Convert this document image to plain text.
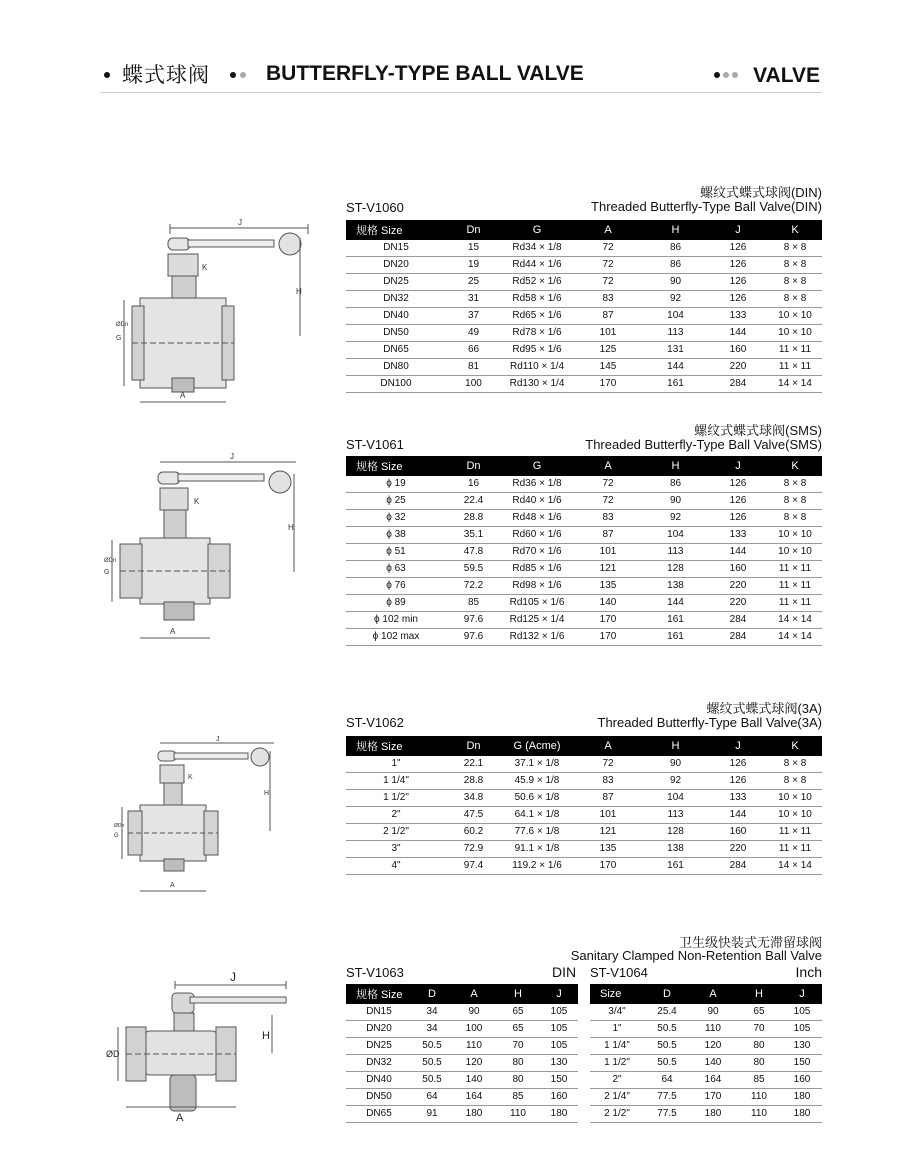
蝶式球阀	BUTTERFLY-TYPE BALL VALVE	VALVE
螺纹式蝶式球阀(DIN)
Threaded Butterfly-Type Ball Valve(DIN)
ST-V1060
规格 Size	Dn	G	A	H	J	K
DN15	15	Rd34 × 1/8	72	86	126	8 × 8
DN20	19	Rd44 × 1/6	72	86	126	8 × 8
DN25	25	Rd52 × 1/6	72	90	126	8 × 8
DN32	31	Rd58 × 1/6	83	92	126	8 × 8
DN40	37	Rd65 × 1/6	87	104	133	10 × 10
DN50	49	Rd78 × 1/6	101	113	144	10 × 10
DN65	66	Rd95 × 1/6	125	131	160	11 × 11
DN80	81	Rd110 × 1/4	145	144	220	11 × 11
DN100	100	Rd130 × 1/4	170	161	284	14 × 14
螺纹式蝶式球阀(SMS)
Threaded Butterfly-Type Ball Valve(SMS)
ST-V1061
规格 Size	Dn	G	A	H	J	K
ϕ 19	16	Rd36 × 1/8	72	86	126	8 × 8
ϕ 25	22.4	Rd40 × 1/6	72	90	126	8 × 8
ϕ 32	28.8	Rd48 × 1/6	83	92	126	8 × 8
ϕ 38	35.1	Rd60 × 1/6	87	104	133	10 × 10
ϕ 51	47.8	Rd70 × 1/6	101	113	144	10 × 10
ϕ 63	59.5	Rd85 × 1/6	121	128	160	11 × 11
ϕ 76	72.2	Rd98 × 1/6	135	138	220	11 × 11
ϕ 89	85	Rd105 × 1/6	140	144	220	11 × 11
ϕ 102 min	97.6	Rd125 × 1/4	170	161	284	14 × 14
ϕ 102 max	97.6	Rd132 × 1/6	170	161	284	14 × 14
螺纹式蝶式球阀(3A)
Threaded Butterfly-Type Ball Valve(3A)
ST-V1062
规格 Size	Dn	G (Acme)	A	H	J	K
1"	22.1	37.1 × 1/8	72	90	126	8 × 8
1 1/4"	28.8	45.9 × 1/8	83	92	126	8 × 8
1 1/2"	34.8	50.6 × 1/8	87	104	133	10 × 10
2"	47.5	64.1 × 1/8	101	113	144	10 × 10
2 1/2"	60.2	77.6 × 1/8	121	128	160	11 × 11
3"	72.9	91.1 × 1/8	135	138	220	11 × 11
4"	97.4	119.2 × 1/6	170	161	284	14 × 14
卫生级快装式无滞留球阀
Sanitary Clamped Non-Retention Ball Valve
ST-V1063	DIN ST-V1064	Inch
规格 Size	D	A	H	J
DN15	34	90	65	105
DN20	34	100	65	105
DN25	50.5	110	70	105
DN32	50.5	120	80	130
DN40	50.5	140	80	150
DN50	64	164	85	160
DN65	91	180	110	180
Size	D	A	H	J
3/4"	25.4	90	65	105
1"	50.5	110	70	105
1 1/4"	50.5	120	80	130
1 1/2"	50.5	140	80	150
2"	64	164	85	160
2 1/4"	77.5	170	110	180
2 1/2"	77.5	180	110	180
J
K
H
G
ØDn
A
J
K
H
G
ØDn
A
J
K
H
G
ØDn
A
J
H
ØD
A
